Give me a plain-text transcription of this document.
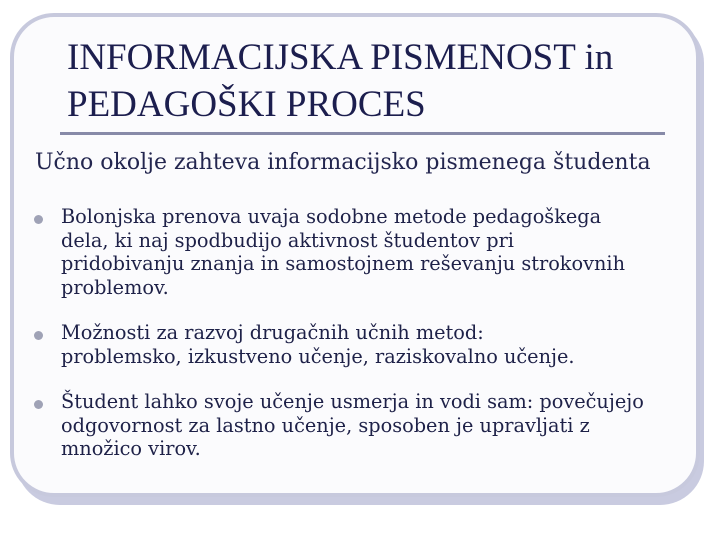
INFORMACIJSKA PISMENOST in
PEDAGOŠKI PROCES

Učno okolje zahteva informacijsko pismenega študenta

Bolonjska prenova uvaja sodobne metode pedagoškega
dela, ki naj spodbudijo aktivnost študentov pri
pridobivanju znanja in samostojnem reševanju strokovnih
problemov.
Možnosti za razvoj drugačnih učnih metod:
problemsko, izkustveno učenje, raziskovalno učenje.
Študent lahko svoje učenje usmerja in vodi sam: povečujejo
odgovornost za lastno učenje, sposoben je upravljati z
množico virov.
